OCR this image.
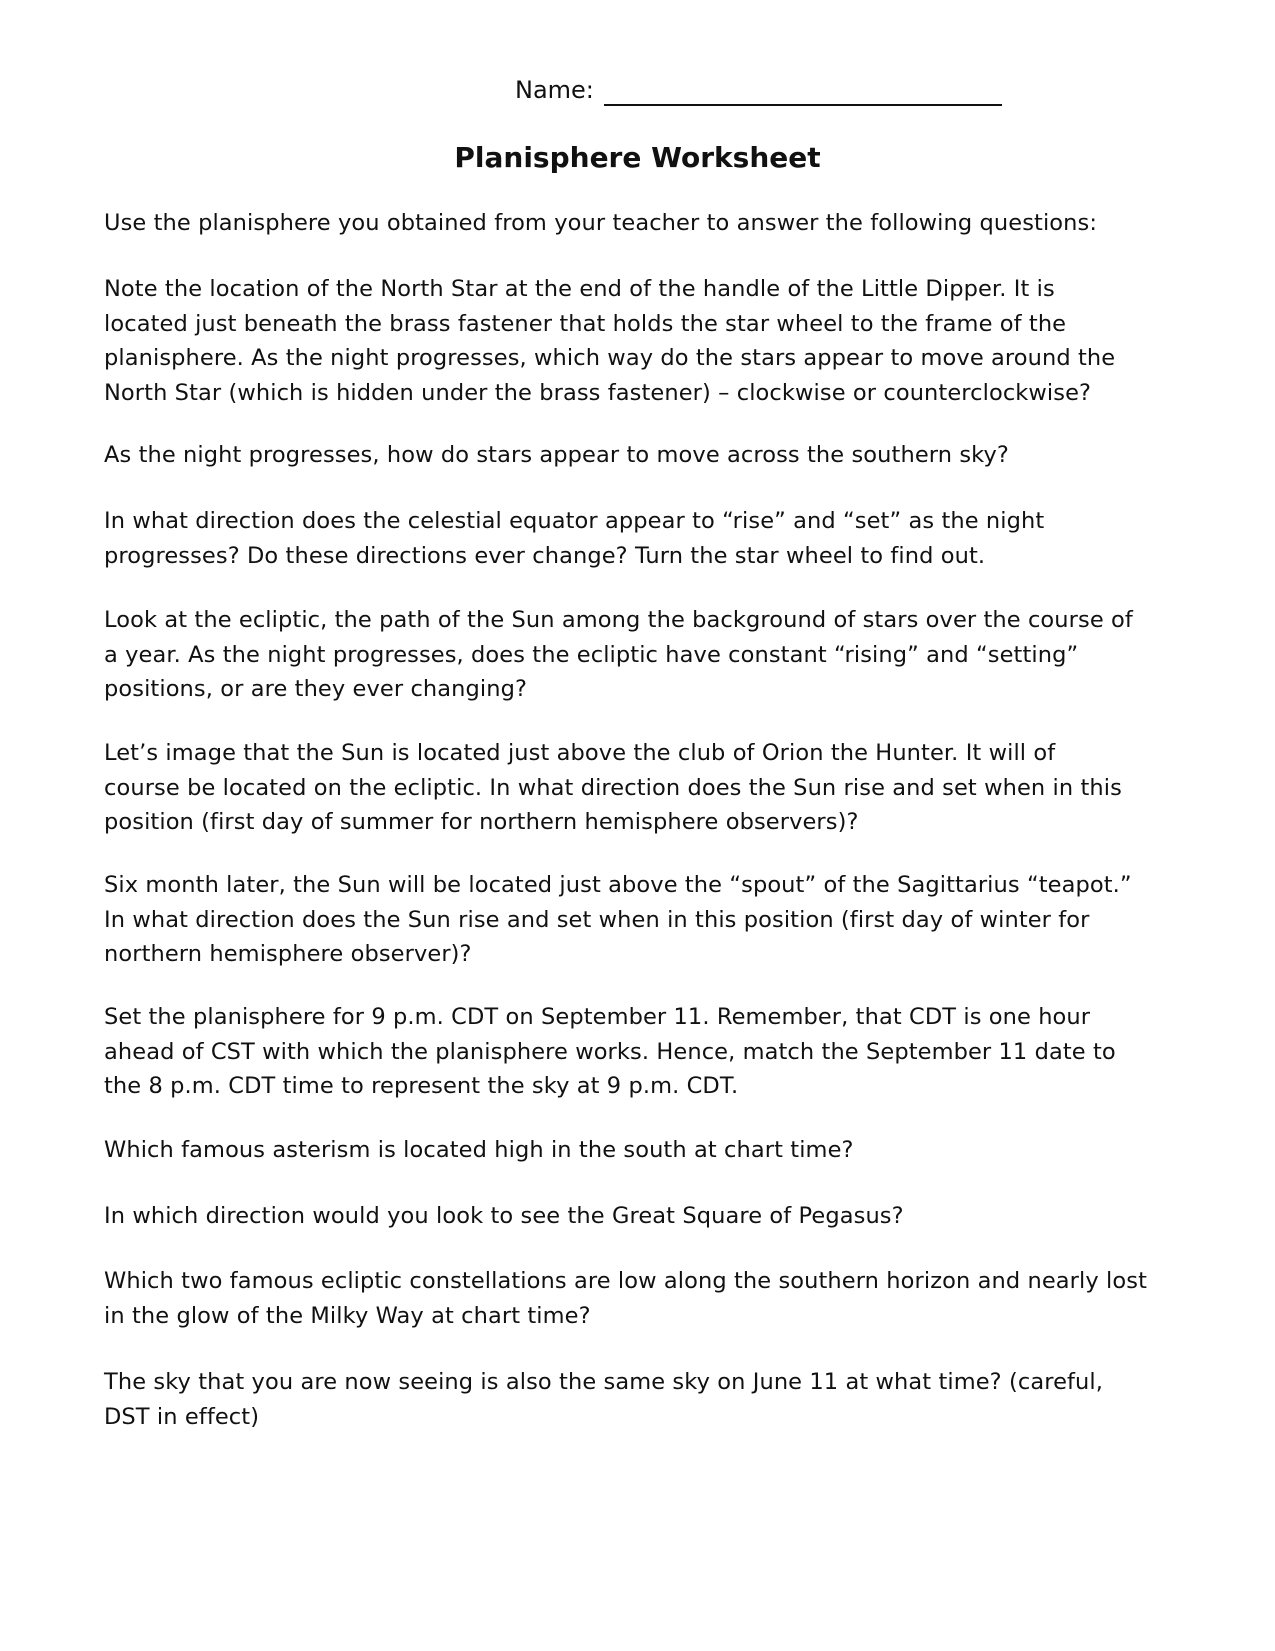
Name:
Planisphere Worksheet

Use the planisphere you obtained from your teacher to answer the following questions:

Note the location of the North Star at the end of the handle of the Little Dipper. It is
located just beneath the brass fastener that holds the star wheel to the frame of the
planisphere. As the night progresses, which way do the stars appear to move around the
North Star (which is hidden under the brass fastener) – clockwise or counterclockwise?

As the night progresses, how do stars appear to move across the southern sky?

In what direction does the celestial equator appear to “rise” and “set” as the night
progresses? Do these directions ever change? Turn the star wheel to find out.

Look at the ecliptic, the path of the Sun among the background of stars over the course of
a year. As the night progresses, does the ecliptic have constant “rising” and “setting”
positions, or are they ever changing?

Let’s image that the Sun is located just above the club of Orion the Hunter. It will of
course be located on the ecliptic. In what direction does the Sun rise and set when in this
position (first day of summer for northern hemisphere observers)?

Six month later, the Sun will be located just above the “spout” of the Sagittarius “teapot.”
In what direction does the Sun rise and set when in this position (first day of winter for
northern hemisphere observer)?

Set the planisphere for 9 p.m. CDT on September 11. Remember, that CDT is one hour
ahead of CST with which the planisphere works. Hence, match the September 11 date to
the 8 p.m. CDT time to represent the sky at 9 p.m. CDT.

Which famous asterism is located high in the south at chart time?

In which direction would you look to see the Great Square of Pegasus?

Which two famous ecliptic constellations are low along the southern horizon and nearly lost
in the glow of the Milky Way at chart time?

The sky that you are now seeing is also the same sky on June 11 at what time? (careful,
DST in effect)
